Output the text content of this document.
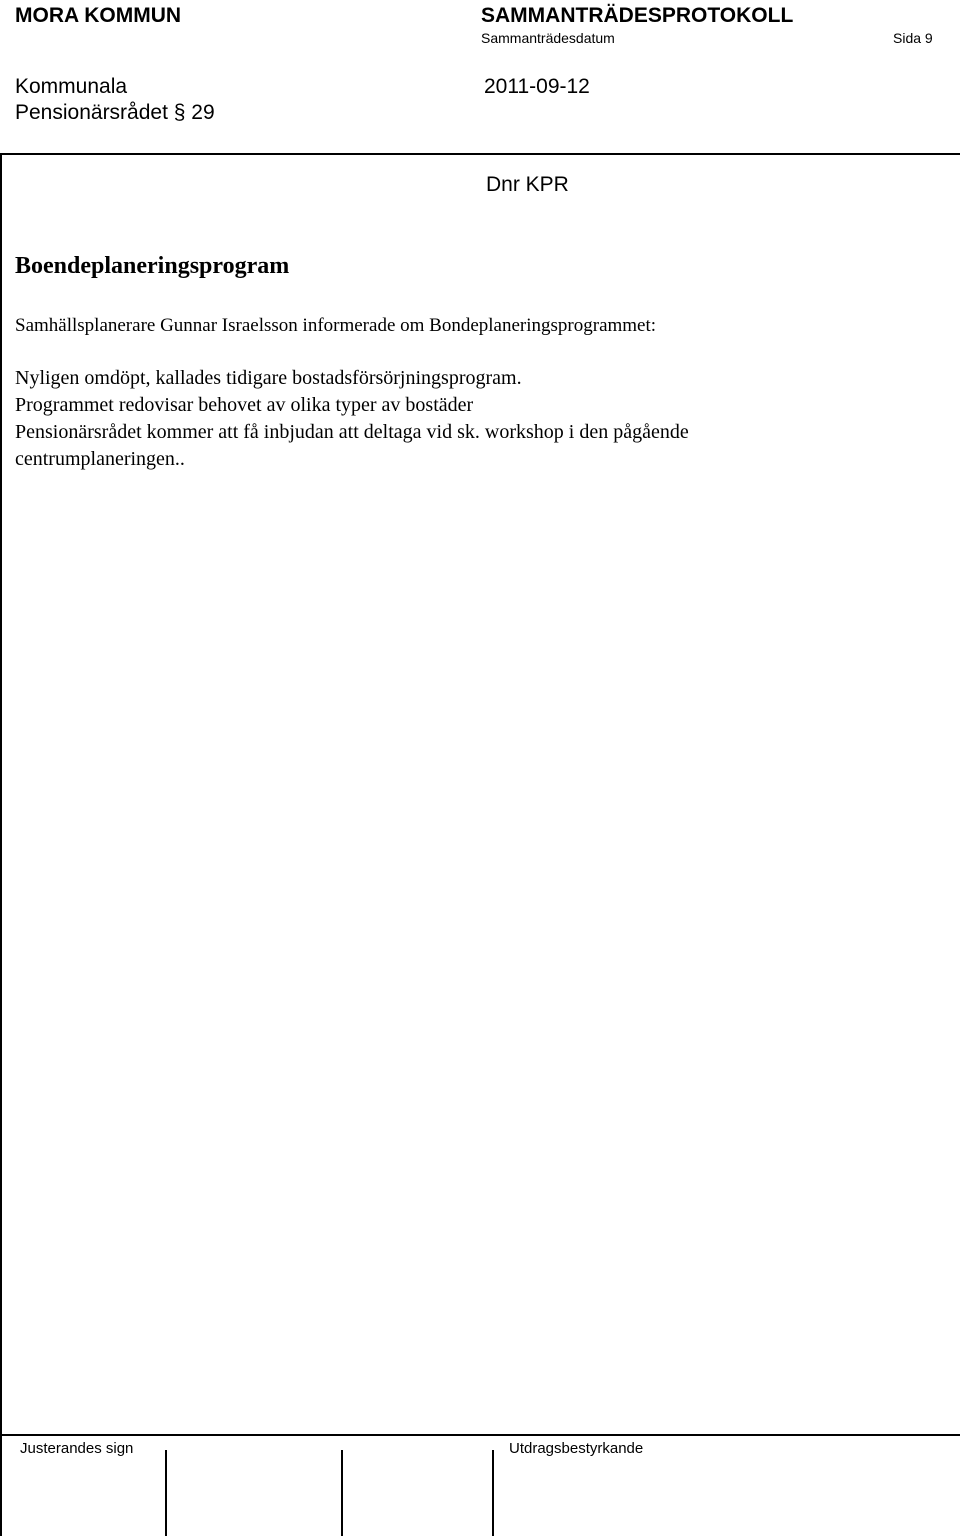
MORA KOMMUN	SAMMANTRÄDESPROTOKOLL
Sammanträdesdatum	Sida 9
Kommunala
Pensionärsrådet § 29
2011-09-12
Dnr KPR
Boendeplaneringsprogram
Samhällsplanerare Gunnar Israelsson informerade om Bondeplaneringsprogrammet:
Nyligen omdöpt, kallades tidigare bostadsförsörjningsprogram.
Programmet redovisar behovet av olika typer av bostäder
Pensionärsrådet kommer att få inbjudan att deltaga vid sk. workshop i den pågående
centrumplaneringen..
Justerandes sign	Utdragsbestyrkande
